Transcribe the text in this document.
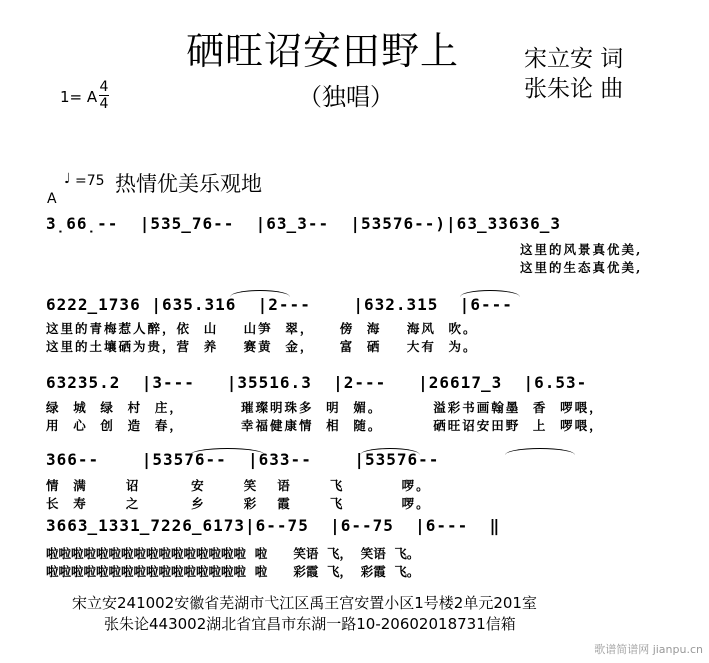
硒旺诏安田野上
（独唱）
宋立安 词
张朱论 曲
1= A
4
4
♩ =75 热情优美乐观地
A
3̣66̣--  |535̲76--  |63̲3--  |53576--)|63̲33636̲3
这里的风景真优美,
这里的生态真优美,
6222̲1736 |635.316  |2---    |632.315  |6---
这里的青梅惹人醉，依  山    山笋  翠，    傍  海    海风  吹。
这里的土壤硒为贵，营  养    赛黄  金，    富  硒    大有  为。
63235.2  |3---   |35516.3  |2---   |26617̲3  |6.53-
绿  城  绿  村  庄，         璀璨明珠多  明  媚。        溢彩书画翰墨  香  啰喂，
用  心  创  造  春，         幸福健康情  相  随。        硒旺诏安田野  上  啰喂，
366--    |53576--  |633--    |53576--
情  满      诏        安      笑   语      飞         啰。
长  寿      之        乡      彩   霞      飞         啰。
3663̲1331̲7226̲6173|6--75  |6--75  |6---  ‖
啦啦啦啦啦啦啦啦啦啦啦啦啦啦啦啦  啦      笑语  飞，  笑语  飞。
啦啦啦啦啦啦啦啦啦啦啦啦啦啦啦啦  啦      彩霞  飞，  彩霞  飞。
宋立安241002安徽省芜湖市弋江区禹王宫安置小区1号楼2单元201室
张朱论443002湖北省宜昌市东湖一路10-20602018731信箱
歌谱简谱网 jianpu.cn
